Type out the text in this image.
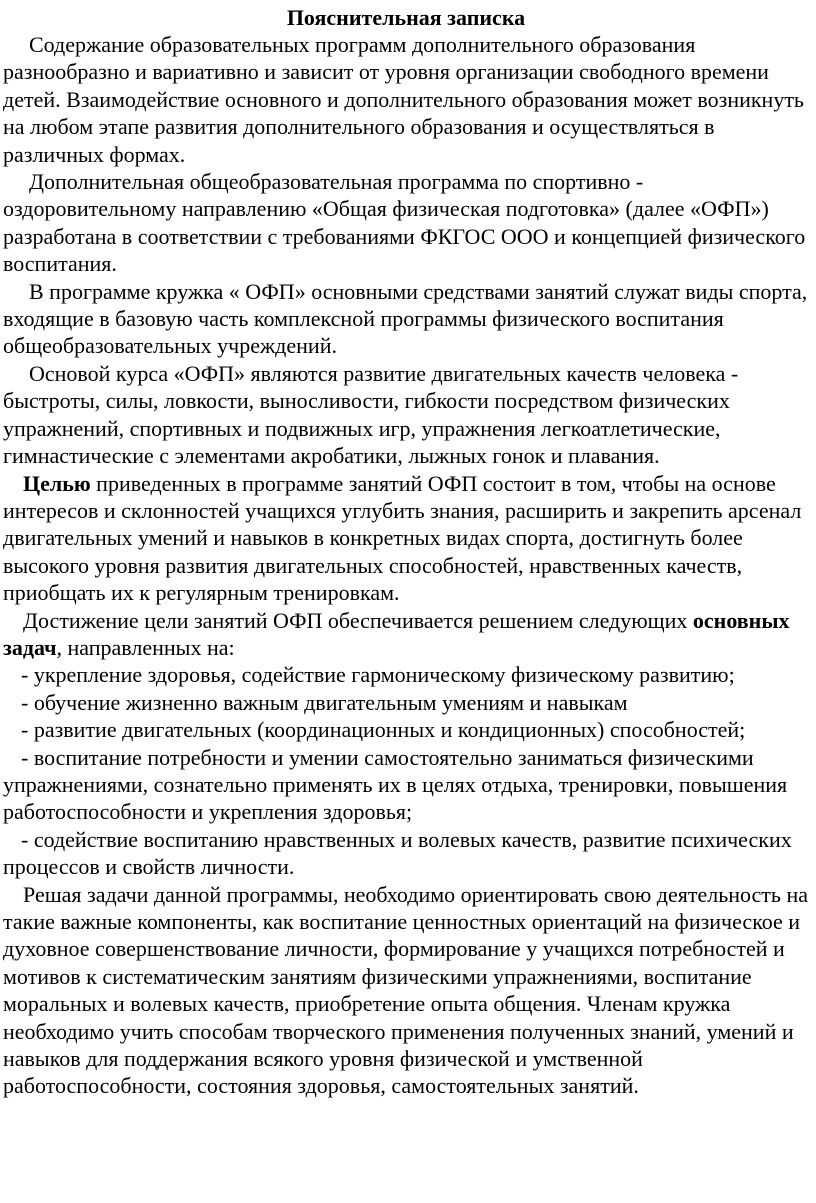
Пояснительная записка

Содержание образовательных программ дополнительного образования разнообразно и вариативно и зависит от уровня организации свободного времени детей. Взаимодействие основного и дополнительного образования может возникнуть на любом этапе развития дополнительного образования и осуществляться в различных формах.

Дополнительная общеобразовательная программа по спортивно - оздоровительному направлению «Общая физическая подготовка» (далее «ОФП») разработана в соответствии с требованиями ФКГОС ООО и концепцией физического воспитания.

В программе кружка « ОФП» основными средствами занятий служат виды спорта, входящие в базовую часть комплексной программы физического воспитания общеобразовательных учреждений.

Основой курса «ОФП» являются развитие двигательных качеств человека - быстроты, силы, ловкости, выносливости, гибкости посредством физических упражнений, спортивных и подвижных игр, упражнения легкоатлетические, гимнастические с элементами акробатики, лыжных гонок и плавания.

Целью приведенных в программе занятий ОФП состоит в том, чтобы на основе интересов и склонностей учащихся углубить знания, расширить и закрепить арсенал двигательных умений и навыков в конкретных видах спорта, достигнуть более высокого уровня развития двигательных способностей, нравственных качеств, приобщать их к регулярным тренировкам.

Достижение цели занятий ОФП обеспечивается решением следующих основных задач, направленных на:

- укрепление здоровья, содействие гармоническому физическому развитию;

- обучение жизненно важным двигательным умениям и навыкам

- развитие двигательных (координационных и кондиционных) способностей;

- воспитание потребности и умении самостоятельно заниматься физическими упражнениями, сознательно применять их в целях отдыха, тренировки, повышения работоспособности и укрепления здоровья;

- содействие воспитанию нравственных и волевых качеств, развитие психических процессов и свойств личности.

Решая задачи данной программы, необходимо ориентировать свою деятельность на такие важные компоненты, как воспитание ценностных ориентаций на физическое и духовное совершенствование личности, формирование у учащихся потребностей и мотивов к систематическим занятиям физическими упражнениями, воспитание моральных и волевых качеств, приобретение опыта общения. Членам кружка необходимо учить способам творческого применения полученных знаний, умений и навыков для поддержания всякого уровня физической и умственной работоспособности, состояния здоровья, самостоятельных занятий.
